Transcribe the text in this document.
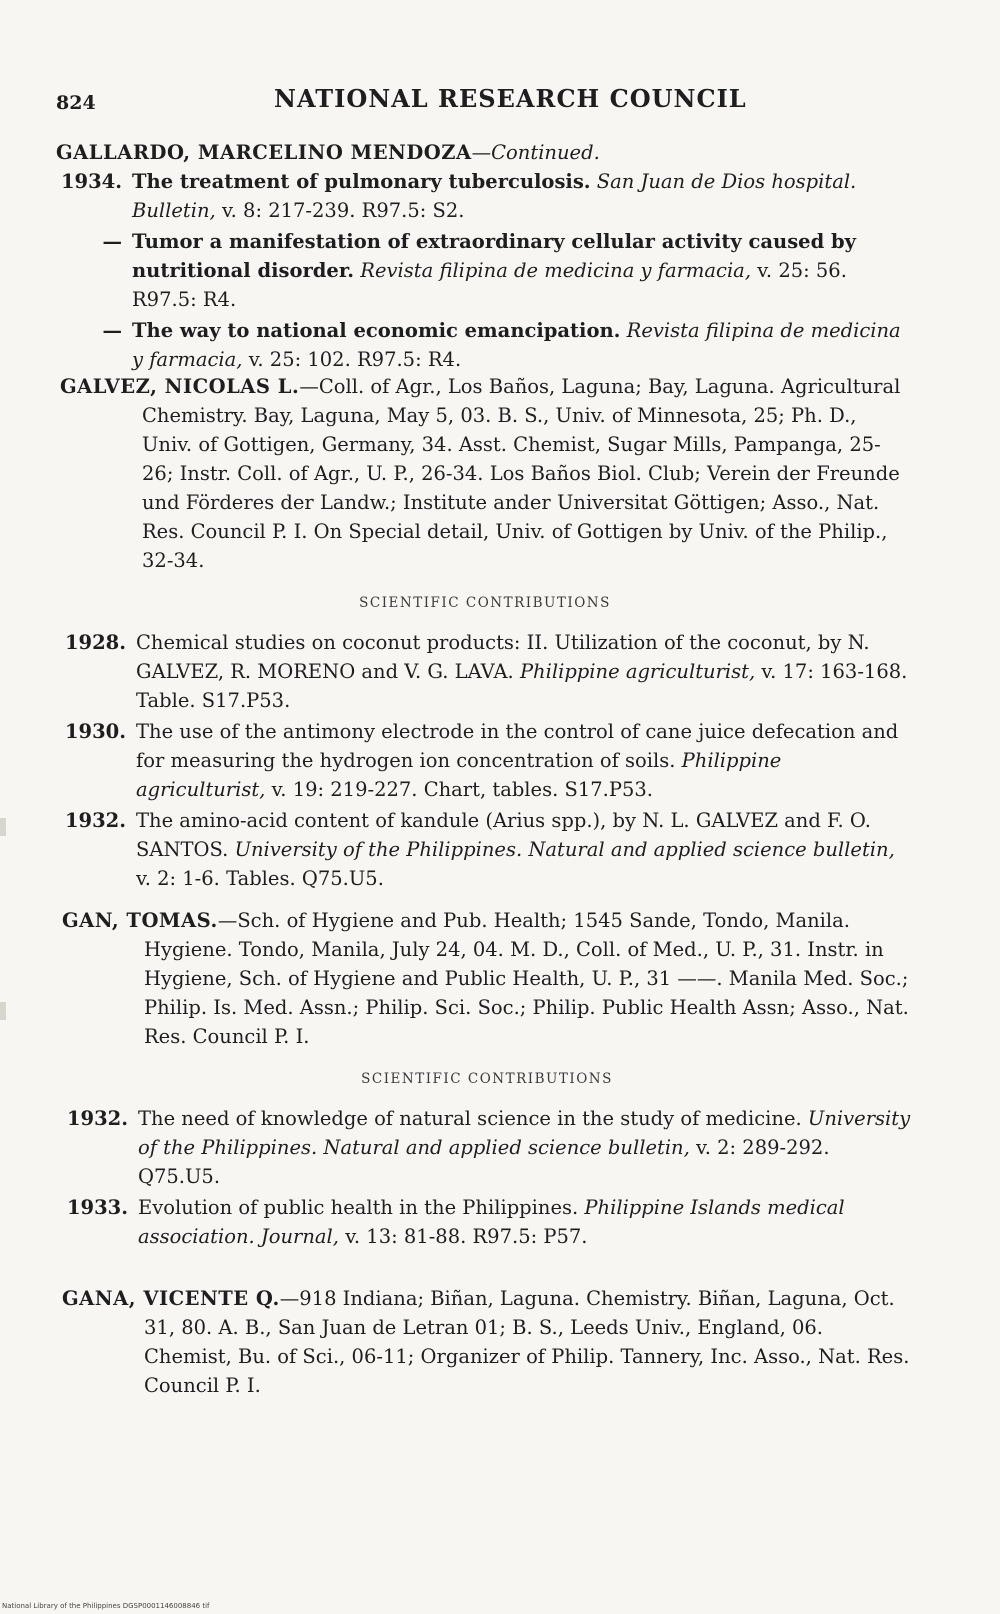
824	NATIONAL RESEARCH COUNCIL
GALLARDO, MARCELINO MENDOZA—Continued.
1934. The treatment of pulmonary tuberculosis. San Juan de Dios hospital. Bulletin, v. 8: 217-239. R97.5: S2.
— Tumor a manifestation of extraordinary cellular activity caused by nutritional disorder. Revista filipina de medicina y farmacia, v. 25: 56. R97.5: R4.
— The way to national economic emancipation. Revista filipina de medicina y farmacia, v. 25: 102. R97.5: R4.
GALVEZ, NICOLAS L.—Coll. of Agr., Los Baños, Laguna; Bay, Laguna. Agricultural Chemistry. Bay, Laguna, May 5, 03. B. S., Univ. of Minnesota, 25; Ph. D., Univ. of Gottigen, Germany, 34. Asst. Chemist, Sugar Mills, Pampanga, 25-26; Instr. Coll. of Agr., U. P., 26-34. Los Baños Biol. Club; Verein der Freunde und Förderes der Landw.; Institute ander Universitat Göttigen; Asso., Nat. Res. Council P. I. On Special detail, Univ. of Gottigen by Univ. of the Philip., 32-34.
SCIENTIFIC CONTRIBUTIONS
1928. Chemical studies on coconut products: II. Utilization of the coconut, by N. GALVEZ, R. MORENO and V. G. LAVA. Philippine agriculturist, v. 17: 163-168. Table. S17.P53.
1930. The use of the antimony electrode in the control of cane juice defecation and for measuring the hydrogen ion concentration of soils. Philippine agriculturist, v. 19: 219-227. Chart, tables. S17.P53.
1932. The amino-acid content of kandule (Arius spp.), by N. L. GALVEZ and F. O. SANTOS. University of the Philippines. Natural and applied science bulletin, v. 2: 1-6. Tables. Q75.U5.
GAN, TOMAS.—Sch. of Hygiene and Pub. Health; 1545 Sande, Tondo, Manila. Hygiene. Tondo, Manila, July 24, 04. M. D., Coll. of Med., U. P., 31. Instr. in Hygiene, Sch. of Hygiene and Public Health, U. P., 31 ——. Manila Med. Soc.; Philip. Is. Med. Assn.; Philip. Sci. Soc.; Philip. Public Health Assn; Asso., Nat. Res. Council P. I.
SCIENTIFIC CONTRIBUTIONS
1932. The need of knowledge of natural science in the study of medicine. University of the Philippines. Natural and applied science bulletin, v. 2: 289-292. Q75.U5.
1933. Evolution of public health in the Philippines. Philippine Islands medical association. Journal, v. 13: 81-88. R97.5: P57.
GANA, VICENTE Q.—918 Indiana; Biñan, Laguna. Chemistry. Biñan, Laguna, Oct. 31, 80. A. B., San Juan de Letran 01; B. S., Leeds Univ., England, 06. Chemist, Bu. of Sci., 06-11; Organizer of Philip. Tannery, Inc. Asso., Nat. Res. Council P. I.
National Library of the Philippines DGSP0001146008846 tif
